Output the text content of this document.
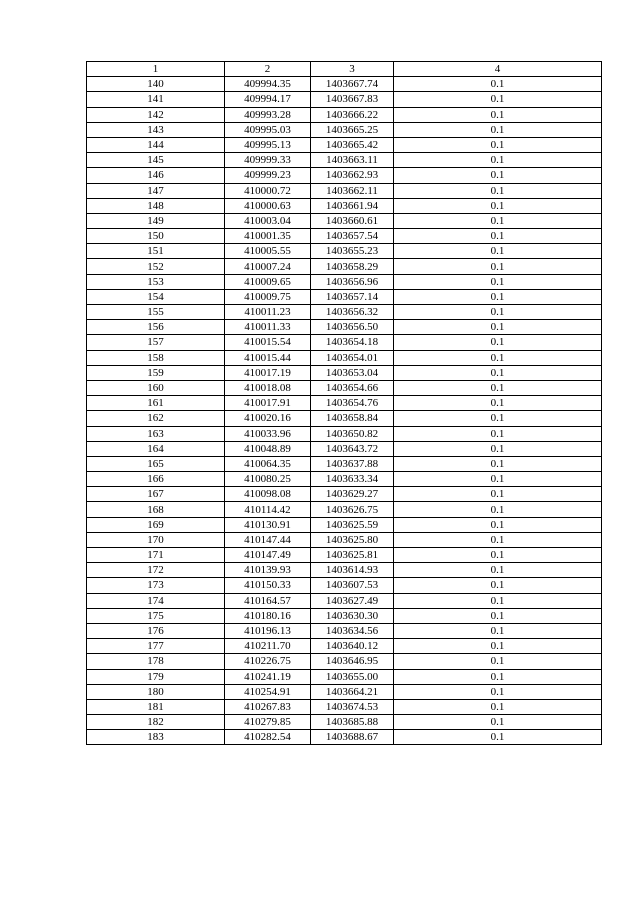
1	2	3	4
140	409994.35	1403667.74	0.1
141	409994.17	1403667.83	0.1
142	409993.28	1403666.22	0.1
143	409995.03	1403665.25	0.1
144	409995.13	1403665.42	0.1
145	409999.33	1403663.11	0.1
146	409999.23	1403662.93	0.1
147	410000.72	1403662.11	0.1
148	410000.63	1403661.94	0.1
149	410003.04	1403660.61	0.1
150	410001.35	1403657.54	0.1
151	410005.55	1403655.23	0.1
152	410007.24	1403658.29	0.1
153	410009.65	1403656.96	0.1
154	410009.75	1403657.14	0.1
155	410011.23	1403656.32	0.1
156	410011.33	1403656.50	0.1
157	410015.54	1403654.18	0.1
158	410015.44	1403654.01	0.1
159	410017.19	1403653.04	0.1
160	410018.08	1403654.66	0.1
161	410017.91	1403654.76	0.1
162	410020.16	1403658.84	0.1
163	410033.96	1403650.82	0.1
164	410048.89	1403643.72	0.1
165	410064.35	1403637.88	0.1
166	410080.25	1403633.34	0.1
167	410098.08	1403629.27	0.1
168	410114.42	1403626.75	0.1
169	410130.91	1403625.59	0.1
170	410147.44	1403625.80	0.1
171	410147.49	1403625.81	0.1
172	410139.93	1403614.93	0.1
173	410150.33	1403607.53	0.1
174	410164.57	1403627.49	0.1
175	410180.16	1403630.30	0.1
176	410196.13	1403634.56	0.1
177	410211.70	1403640.12	0.1
178	410226.75	1403646.95	0.1
179	410241.19	1403655.00	0.1
180	410254.91	1403664.21	0.1
181	410267.83	1403674.53	0.1
182	410279.85	1403685.88	0.1
183	410282.54	1403688.67	0.1
